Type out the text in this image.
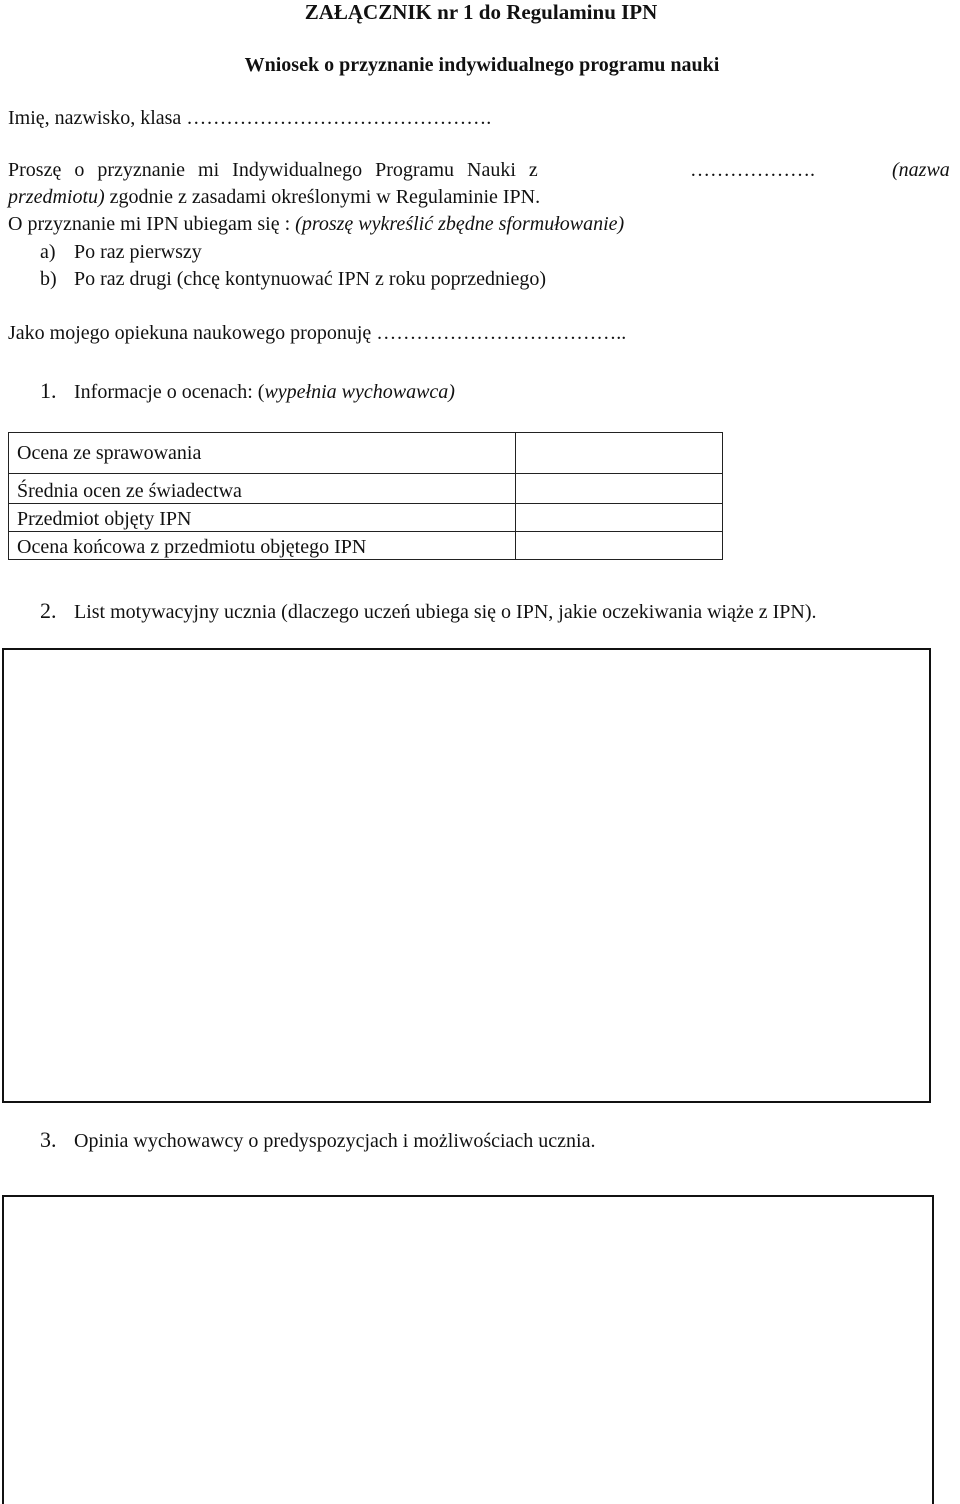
ZAŁĄCZNIK nr 1 do Regulaminu IPN
Wniosek o przyznanie indywidualnego programu nauki
Imię, nazwisko, klasa ……………………………………….
Proszę o przyznanie mi Indywidualnego Programu Nauki z	……………….	(nazwa
przedmiotu) zgodnie z zasadami określonymi w Regulaminie IPN.
O przyznanie mi IPN ubiegam się : (proszę wykreślić zbędne sformułowanie)
a) Po raz pierwszy
b) Po raz drugi (chcę kontynuować IPN z roku poprzedniego)
Jako mojego opiekuna naukowego proponuję ………………………………..
1. Informacje o ocenach: (wypełnia wychowawca)
Ocena ze sprawowania	
Średnia ocen ze świadectwa	
Przedmiot objęty IPN	
Ocena końcowa z przedmiotu objętego IPN	
2. List motywacyjny ucznia (dlaczego uczeń ubiega się o IPN, jakie oczekiwania wiąże z IPN).
3. Opinia wychowawcy o predyspozycjach i możliwościach ucznia.
